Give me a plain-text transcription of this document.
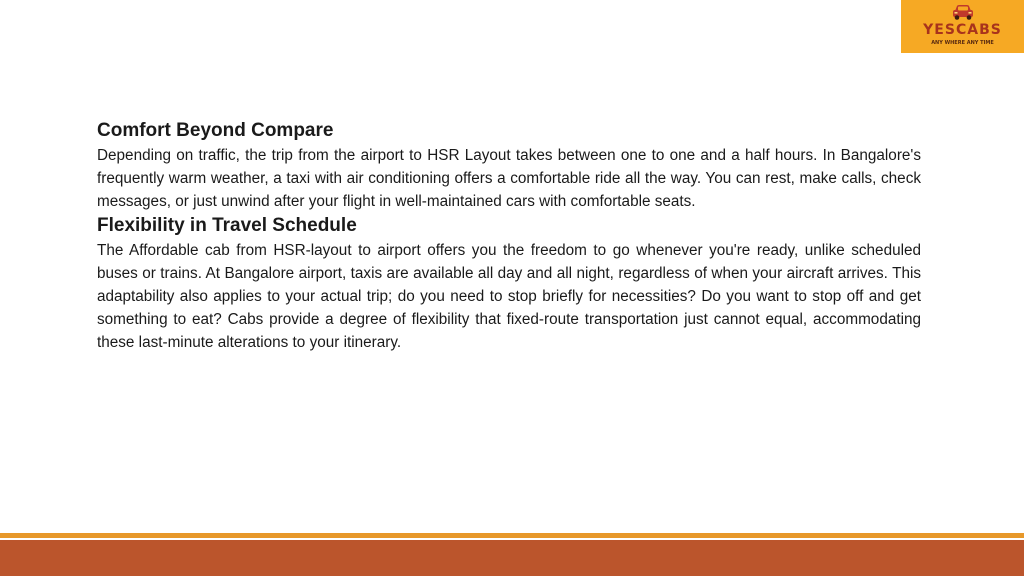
YESCABS
ANY WHERE ANY TIME
Comfort Beyond Compare

Depending on traffic, the trip from the airport to HSR Layout takes between one to one and a half hours. In Bangalore's frequently warm weather, a taxi with air conditioning offers a comfortable ride all the way. You can rest, make calls, check messages, or just unwind after your flight in well-maintained cars with comfortable seats.

Flexibility in Travel Schedule

The Affordable cab from HSR-layout to airport offers you the freedom to go whenever you're ready, unlike scheduled buses or trains. At Bangalore airport, taxis are available all day and all night, regardless of when your aircraft arrives. This adaptability also applies to your actual trip; do you need to stop briefly for necessities? Do you want to stop off and get something to eat? Cabs provide a degree of flexibility that fixed-route transportation just cannot equal, accommodating these last-minute alterations to your itinerary.
